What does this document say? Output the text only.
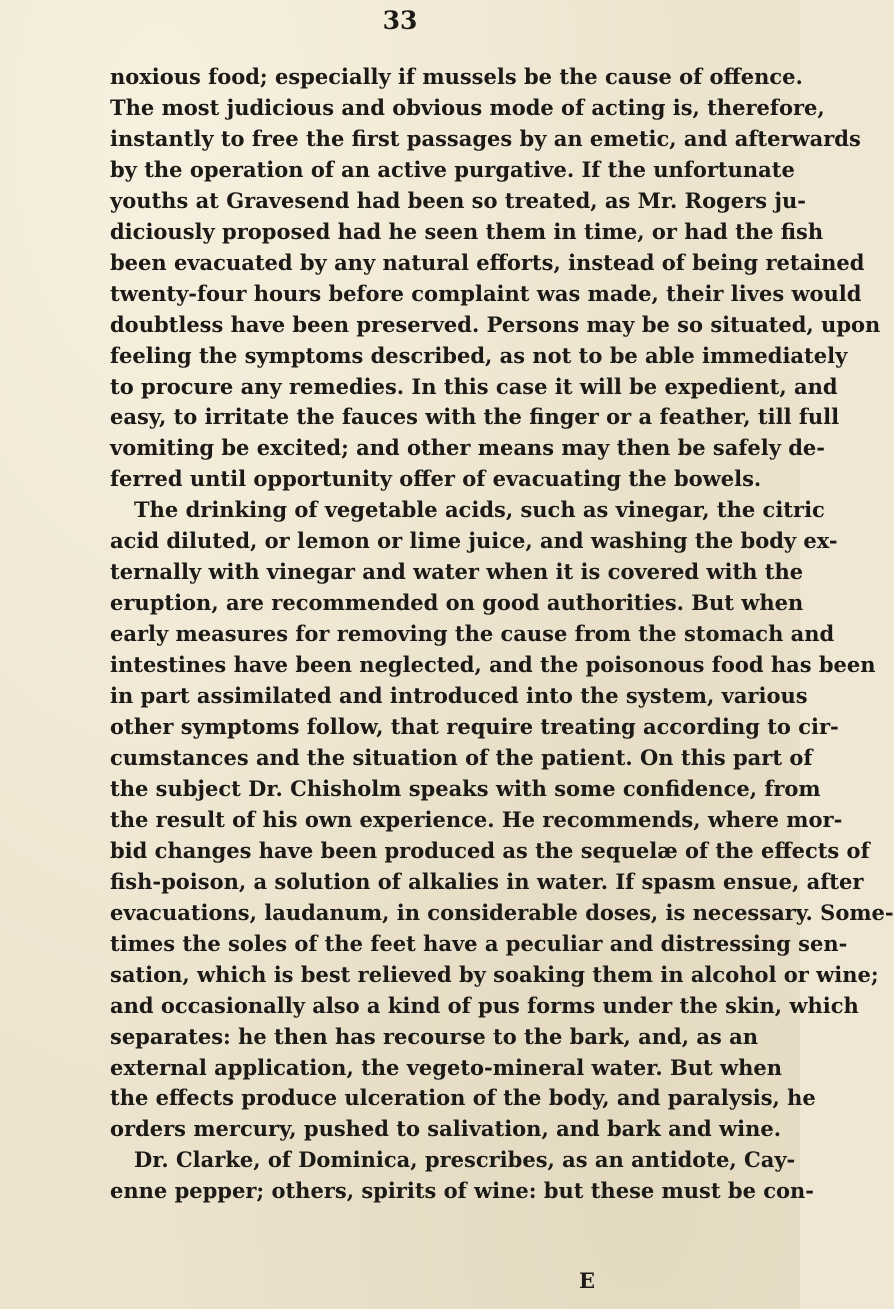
33
noxious food; especially if mussels be the cause of offence.
The most judicious and obvious mode of acting is, therefore,
instantly to free the first passages by an emetic, and afterwards
by the operation of an active purgative. If the unfortunate
youths at Gravesend had been so treated, as Mr. Rogers ju-
diciously proposed had he seen them in time, or had the fish
been evacuated by any natural efforts, instead of being retained
twenty-four hours before complaint was made, their lives would
doubtless have been preserved. Persons may be so situated, upon
feeling the symptoms described, as not to be able immediately
to procure any remedies. In this case it will be expedient, and
easy, to irritate the fauces with the finger or a feather, till full
vomiting be excited; and other means may then be safely de-
ferred until opportunity offer of evacuating the bowels.
The drinking of vegetable acids, such as vinegar, the citric
acid diluted, or lemon or lime juice, and washing the body ex-
ternally with vinegar and water when it is covered with the
eruption, are recommended on good authorities. But when
early measures for removing the cause from the stomach and
intestines have been neglected, and the poisonous food has been
in part assimilated and introduced into the system, various
other symptoms follow, that require treating according to cir-
cumstances and the situation of the patient. On this part of
the subject Dr. Chisholm speaks with some confidence, from
the result of his own experience. He recommends, where mor-
bid changes have been produced as the sequelæ of the effects of
fish-poison, a solution of alkalies in water. If spasm ensue, after
evacuations, laudanum, in considerable doses, is necessary. Some-
times the soles of the feet have a peculiar and distressing sen-
sation, which is best relieved by soaking them in alcohol or wine;
and occasionally also a kind of pus forms under the skin, which
separates: he then has recourse to the bark, and, as an
external application, the vegeto-mineral water. But when
the effects produce ulceration of the body, and paralysis, he
orders mercury, pushed to salivation, and bark and wine.
Dr. Clarke, of Dominica, prescribes, as an antidote, Cay-
enne pepper; others, spirits of wine: but these must be con-
E
